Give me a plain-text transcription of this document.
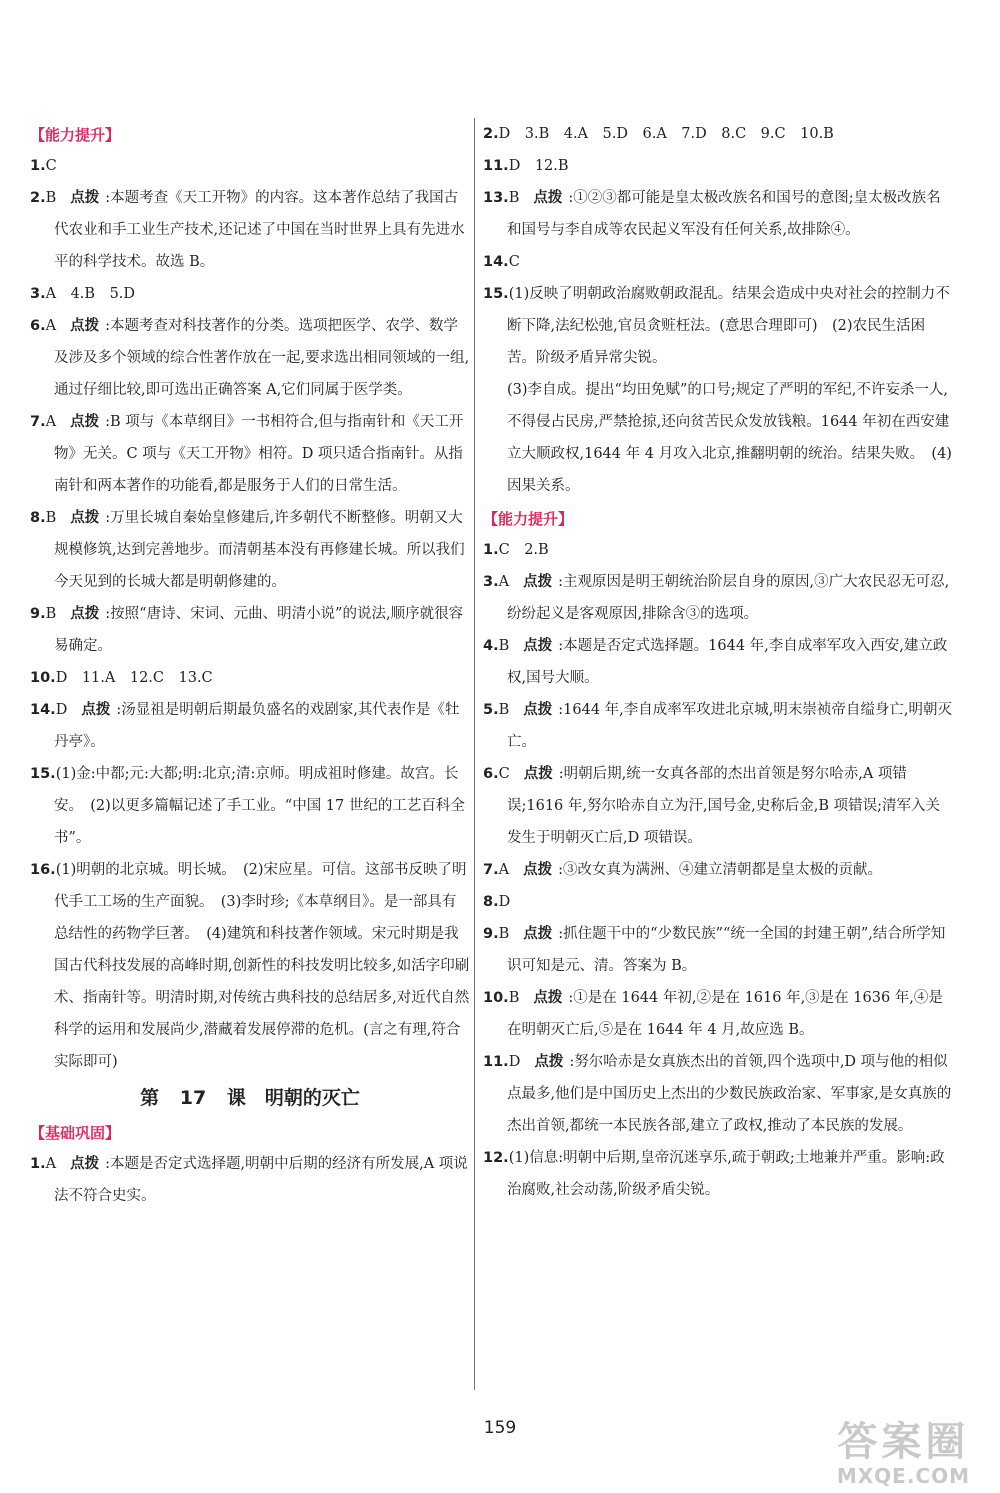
【能力提升】

1.C

2.B 点拨 :本题考查《天工开物》的内容。这本著作总结了我国古代农业和手工业生产技术,还记述了中国在当时世界上具有先进水平的科学技术。故选 B。

3.A　4.B　5.D

6.A 点拨 :本题考查对科技著作的分类。选项把医学、农学、数学及涉及多个领域的综合性著作放在一起,要求选出相同领域的一组,通过仔细比较,即可选出正确答案 A,它们同属于医学类。

7.A 点拨 :B 项与《本草纲目》一书相符合,但与指南针和《天工开物》无关。C 项与《天工开物》相符。D 项只适合指南针。从指南针和两本著作的功能看,都是服务于人们的日常生活。

8.B 点拨 :万里长城自秦始皇修建后,许多朝代不断整修。明朝又大规模修筑,达到完善地步。而清朝基本没有再修建长城。所以我们今天见到的长城大都是明朝修建的。

9.B 点拨 :按照“唐诗、宋词、元曲、明清小说”的说法,顺序就很容易确定。

10.D　11.A　12.C　13.C

14.D 点拨 :汤显祖是明朝后期最负盛名的戏剧家,其代表作是《牡丹亭》。

15.(1)金:中都;元:大都;明:北京;清:京师。明成祖时修建。故宫。长安。　(2)以更多篇幅记述了手工业。“中国 17 世纪的工艺百科全书”。

16.(1)明朝的北京城。明长城。　(2)宋应星。可信。这部书反映了明代手工工场的生产面貌。　(3)李时珍;《本草纲目》。是一部具有总结性的药物学巨著。　(4)建筑和科技著作领域。宋元时期是我国古代科技发展的高峰时期,创新性的科技发明比较多,如活字印刷术、指南针等。明清时期,对传统古典科技的总结居多,对近代自然科学的运用和发展尚少,潜藏着发展停滞的危机。(言之有理,符合实际即可)

第 17 课　明朝的灭亡
【基础巩固】

1.A 点拨 :本题是否定式选择题,明朝中后期的经济有所发展,A 项说法不符合史实。

2.D　3.B　4.A　5.D　6.A　7.D　8.C　9.C　10.B

11.D　12.B

13.B 点拨 :①②③都可能是皇太极改族名和国号的意图;皇太极改族名和国号与李自成等农民起义军没有任何关系,故排除④。

14.C

15.(1)反映了明朝政治腐败朝政混乱。结果会造成中央对社会的控制力不断下降,法纪松弛,官员贪赃枉法。(意思合理即可)　(2)农民生活困苦。阶级矛盾异常尖锐。

(3)李自成。提出“均田免赋”的口号;规定了严明的军纪,不许妄杀一人,不得侵占民房,严禁抢掠,还向贫苦民众发放钱粮。1644 年初在西安建立大顺政权,1644 年 4 月攻入北京,推翻明朝的统治。结果失败。　(4)因果关系。

【能力提升】

1.C　2.B

3.A 点拨 :主观原因是明王朝统治阶层自身的原因,③广大农民忍无可忍,纷纷起义是客观原因,排除含③的选项。

4.B 点拨 :本题是否定式选择题。1644 年,李自成率军攻入西安,建立政权,国号大顺。

5.B 点拨 :1644 年,李自成率军攻进北京城,明末崇祯帝自缢身亡,明朝灭亡。

6.C 点拨 :明朝后期,统一女真各部的杰出首领是努尔哈赤,A 项错误;1616 年,努尔哈赤自立为汗,国号金,史称后金,B 项错误;清军入关发生于明朝灭亡后,D 项错误。

7.A 点拨 :③改女真为满洲、④建立清朝都是皇太极的贡献。

8.D

9.B 点拨 :抓住题干中的“少数民族”“统一全国的封建王朝”,结合所学知识可知是元、清。答案为 B。

10.B 点拨 :①是在 1644 年初,②是在 1616 年,③是在 1636 年,④是在明朝灭亡后,⑤是在 1644 年 4 月,故应选 B。

11.D 点拨 :努尔哈赤是女真族杰出的首领,四个选项中,D 项与他的相似点最多,他们是中国历史上杰出的少数民族政治家、军事家,是女真族的杰出首领,都统一本民族各部,建立了政权,推动了本民族的发展。

12.(1)信息:明朝中后期,皇帝沉迷享乐,疏于朝政;土地兼并严重。影响:政治腐败,社会动荡,阶级矛盾尖锐。

159	答案圈
MXQE.COM
